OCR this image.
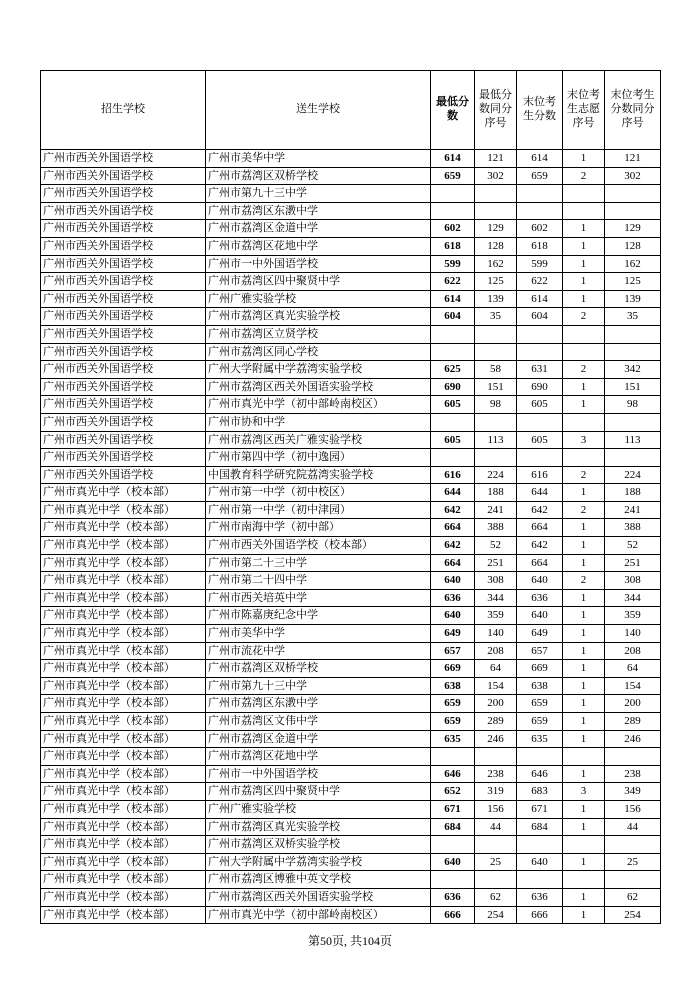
招生学校	送生学校	最低分数	最低分数同分序号	末位考生分数	末位考生志愿序号	末位考生分数同分序号
广州市西关外国语学校	广州市美华中学	614	121	614	1	121
广州市西关外国语学校	广州市荔湾区双桥学校	659	302	659	2	302
广州市西关外国语学校	广州市第九十三中学					
广州市西关外国语学校	广州市荔湾区东漖中学					
广州市西关外国语学校	广州市荔湾区金道中学	602	129	602	1	129
广州市西关外国语学校	广州市荔湾区花地中学	618	128	618	1	128
广州市西关外国语学校	广州市一中外国语学校	599	162	599	1	162
广州市西关外国语学校	广州市荔湾区四中聚贤中学	622	125	622	1	125
广州市西关外国语学校	广州广雅实验学校	614	139	614	1	139
广州市西关外国语学校	广州市荔湾区真光实验学校	604	35	604	2	35
广州市西关外国语学校	广州市荔湾区立贤学校					
广州市西关外国语学校	广州市荔湾区同心学校					
广州市西关外国语学校	广州大学附属中学荔湾实验学校	625	58	631	2	342
广州市西关外国语学校	广州市荔湾区西关外国语实验学校	690	151	690	1	151
广州市西关外国语学校	广州市真光中学（初中部岭南校区）	605	98	605	1	98
广州市西关外国语学校	广州市协和中学					
广州市西关外国语学校	广州市荔湾区西关广雅实验学校	605	113	605	3	113
广州市西关外国语学校	广州市第四中学（初中逸园）					
广州市西关外国语学校	中国教育科学研究院荔湾实验学校	616	224	616	2	224
广州市真光中学（校本部）	广州市第一中学（初中校区）	644	188	644	1	188
广州市真光中学（校本部）	广州市第一中学（初中津园）	642	241	642	2	241
广州市真光中学（校本部）	广州市南海中学（初中部）	664	388	664	1	388
广州市真光中学（校本部）	广州市西关外国语学校（校本部）	642	52	642	1	52
广州市真光中学（校本部）	广州市第二十三中学	664	251	664	1	251
广州市真光中学（校本部）	广州市第二十四中学	640	308	640	2	308
广州市真光中学（校本部）	广州市西关培英中学	636	344	636	1	344
广州市真光中学（校本部）	广州市陈嘉庚纪念中学	640	359	640	1	359
广州市真光中学（校本部）	广州市美华中学	649	140	649	1	140
广州市真光中学（校本部）	广州市流花中学	657	208	657	1	208
广州市真光中学（校本部）	广州市荔湾区双桥学校	669	64	669	1	64
广州市真光中学（校本部）	广州市第九十三中学	638	154	638	1	154
广州市真光中学（校本部）	广州市荔湾区东漖中学	659	200	659	1	200
广州市真光中学（校本部）	广州市荔湾区文伟中学	659	289	659	1	289
广州市真光中学（校本部）	广州市荔湾区金道中学	635	246	635	1	246
广州市真光中学（校本部）	广州市荔湾区花地中学					
广州市真光中学（校本部）	广州市一中外国语学校	646	238	646	1	238
广州市真光中学（校本部）	广州市荔湾区四中聚贤中学	652	319	683	3	349
广州市真光中学（校本部）	广州广雅实验学校	671	156	671	1	156
广州市真光中学（校本部）	广州市荔湾区真光实验学校	684	44	684	1	44
广州市真光中学（校本部）	广州市荔湾区双桥实验学校					
广州市真光中学（校本部）	广州大学附属中学荔湾实验学校	640	25	640	1	25
广州市真光中学（校本部）	广州市荔湾区博雅中英文学校					
广州市真光中学（校本部）	广州市荔湾区西关外国语实验学校	636	62	636	1	62
广州市真光中学（校本部）	广州市真光中学（初中部岭南校区）	666	254	666	1	254
第50页, 共104页
